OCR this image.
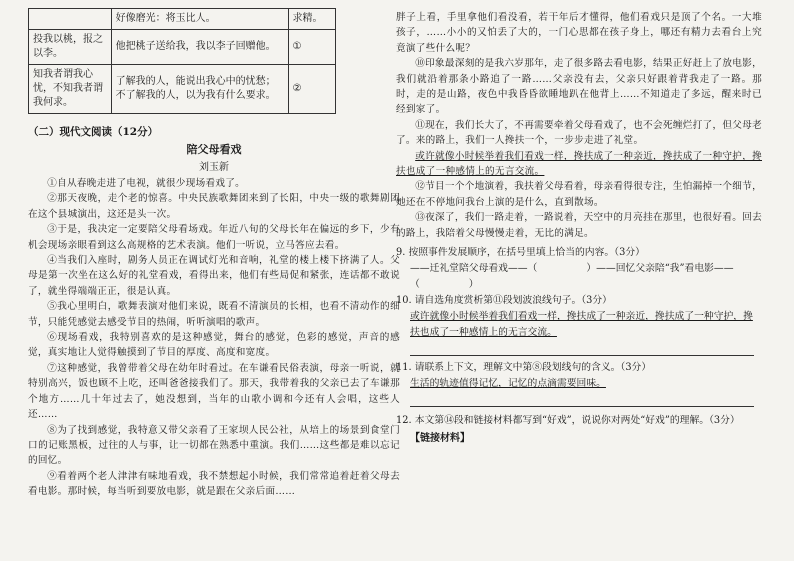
	好像磨光：将玉比人。	求精。
投我以桃，报之以李。	他把桃子送给我，我以李子回赠他。	①
知我者谓我心忧，不知我者谓我何求。	了解我的人，能说出我心中的忧愁；不了解我的人，以为我有什么要求。	②
（二）现代文阅读（12分）
陪父母看戏
刘玉新

①自从春晚走进了电视，就很少现场看戏了。

②那天夜晚，走个老的惊喜。中央民族歌舞团来到了长阳，中央一级的歌舞剧团在这个县城演出，这还是头一次。

③于是，我决定一定要陪父母看场戏。年近八旬的父母长年在偏远的乡下，少有机会现场亲眼看到这么高规格的艺术表演。他们一听说，立马答应去看。

④当我们入座时，剧务人员正在调试灯光和音响，礼堂的楼上楼下挤满了人。父母是第一次坐在这么好的礼堂看戏，看得出来，他们有些局促和紧张，连话都不敢说了，就坐得端端正正，很是认真。

⑤我心里明白，歌舞表演对他们来说，既看不清演员的长相，也看不清动作的细节，只能凭感觉去感受节目的热闹，听听演唱的歌声。

⑥现场看戏，我特别喜欢的是这种感觉，舞台的感觉，色彩的感觉，声音的感觉，真实地让人觉得触摸到了节目的厚度、高度和宽度。

⑦这种感觉，我曾带着父母在幼年时看过。在车谦看民俗表演，母亲一听说，就特别高兴，饭也顾不上吃，还叫爸爸接我们了。那天，我带着我的父亲已去了车谦那个地方……几十年过去了，她没想到，当年的山歌小调和今还有人会唱，这些人还……

⑧为了找到感觉，我特意又带父亲看了王家坝人民公社，从培上的场景到食堂门口的记账黑板，过往的人与事，让一切都在熟悉中重演。我们……这些都是难以忘记的回忆。

⑨看着两个老人津津有味地看戏，我不禁想起小时候，我们常常追着赶着父母去看电影。那时候，每当听到要放电影，就是跟在父亲后面……

胖子上看，手里拿他们看没看，若干年后才懂得，他们看戏只是顶了个名。一大堆孩子，……小小的又怕丢了大的，一门心思都在孩子身上，哪还有精力去看台上究竟演了些什么呢？

⑩印象最深刻的是我六岁那年，走了很多路去看电影，结果正好赶上了放电影，我们就沿着那条小路追了一路……父亲没有去，父亲只好跟着背我走了一路。那时，走的是山路，夜色中我昏昏欲睡地趴在他背上……不知道走了多远，醒来时已经到家了。

⑪现在，我们长大了，不再需要牵着父母看戏了，也不会死缠烂打了，但父母老了。来的路上，我们一人搀扶一个，一步步走进了礼堂。

或许就像小时候举着我们看戏一样，搀扶成了一种亲近，搀扶成了一种守护，搀扶也成了一种感情上的无言交流。

⑫节目一个个地演着，我扶着父母看着，母亲看得很专注，生怕漏掉一个细节，她还在不停地问我台上演的是什么，直到散场。

⑬夜深了，我们一路走着，一路说着，天空中的月亮挂在那里，也很好看。回去的路上，我陪着父母慢慢走着，无比的满足。

9. 按照事件发展顺序，在括号里填上恰当的内容。（3分）

——迁礼堂陪父母看戏——（　　　　　）——回忆父亲陪“我”看电影——（　　　　　）

10. 请自选角度赏析第⑪段划波浪线句子。（3分）

或许就像小时候举着我们看戏一样，搀扶成了一种亲近，搀扶成了一种守护，搀扶也成了一种感情上的无言交流。

11. 请联系上下文，理解文中第⑧段划线句的含义。（3分）

生活的轨迹值得记忆，记忆的点滴需要回味。

12. 本文第⑭段和链接材料都写到“好戏”，说说你对两处“好戏”的理解。（3分）

【链接材料】
